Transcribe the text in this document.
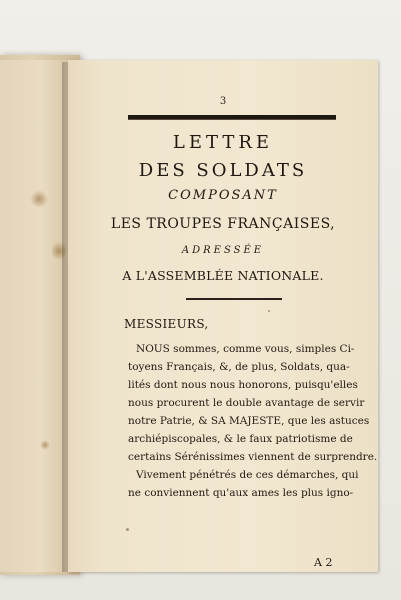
3
LETTRE
DES SOLDATS
COMPOSANT
LES TROUPES FRANÇAISES,
ADRESSÉE
A L'ASSEMBLÉE NATIONALE.
MESSIEURS,
NOUS sommes, comme vous, simples Ci-
toyens Français, &, de plus, Soldats, qua-
lités dont nous nous honorons, puisqu'elles
nous procurent le double avantage de servir
notre Patrie, & SA MAJESTE, que les astuces
archiépiscopales, & le faux patriotisme de
certains Sérénissimes viennent de surprendre.
Vivement pénétrés de ces démarches, qui
ne conviennent qu'aux ames les plus igno-
A 2
